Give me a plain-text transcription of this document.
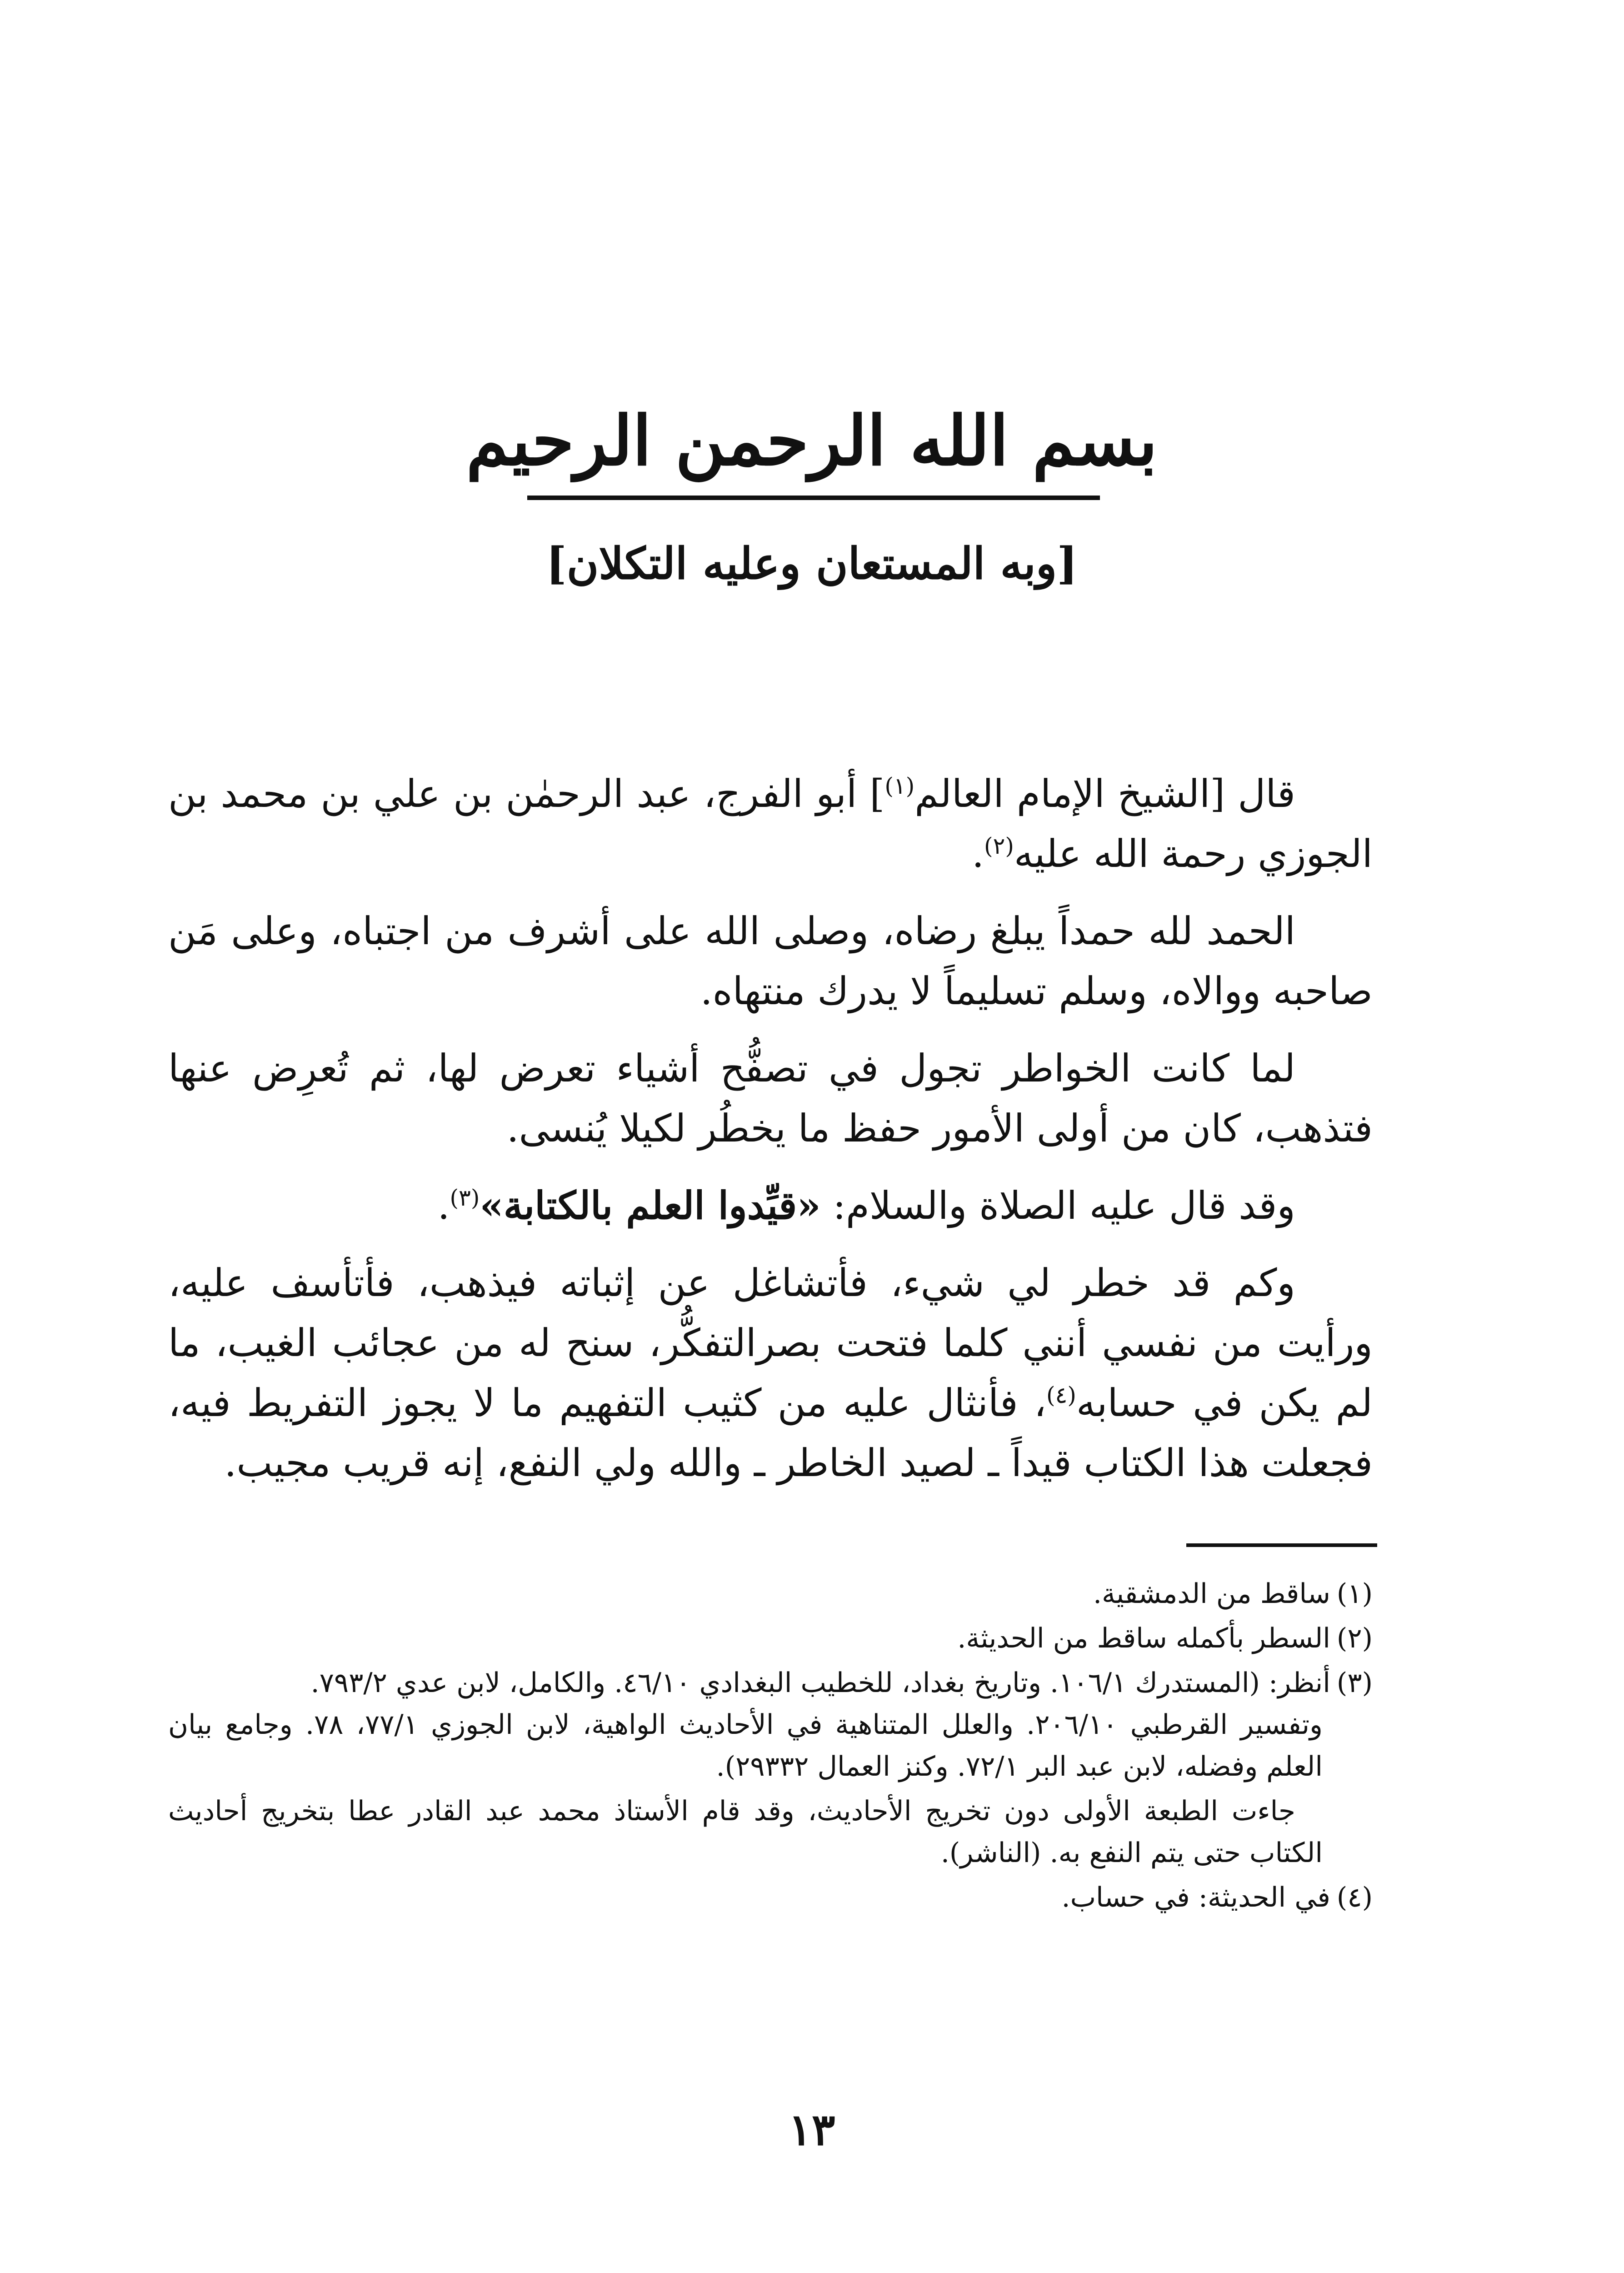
بسم الله الرحمن الرحيم
[وبه المستعان وعليه التكلان]

قال [الشيخ الإمام العالم$^{(١)}$] أبو الفرج، عبد الرحمٰن بن علي بن محمد بن الجوزي رحمة الله عليه$^{(٢)}$.

الحمد لله حمداً يبلغ رضاه، وصلى الله على أشرف من اجتباه، وعلى مَن صاحبه ووالاه، وسلم تسليماً لا يدرك منتهاه.

لما كانت الخواطر تجول في تصفُّح أشياء تعرض لها، ثم تُعرِض عنها فتذهب، كان من أولى الأمور حفظ ما يخطُر لكيلا يُنسى.

وقد قال عليه الصلاة والسلام: «قيِّدوا العلم بالكتابة»$^{(٣)}$.

وكم قد خطر لي شيء، فأتشاغل عن إثباته فيذهب، فأتأسف عليه، ورأيت من نفسي أنني كلما فتحت بصرالتفكُّر، سنح له من عجائب الغيب، ما لم يكن في حسابه$^{(٤)}$، فأنثال عليه من كثيب التفهيم ما لا يجوز التفريط فيه، فجعلت هذا الكتاب قيداً ـ لصيد الخاطر ـ والله ولي النفع، إنه قريب مجيب.

(١)ساقط من الدمشقية.
(٢)السطر بأكمله ساقط من الحديثة.
(٣)أنظر: (المستدرك ١٠٦/١. وتاريخ بغداد، للخطيب البغدادي ٤٦/١٠. والكامل، لابن عدي ٧٩٣/٢.
وتفسير القرطبي ٢٠٦/١٠. والعلل المتناهية في الأحاديث الواهية، لابن الجوزي ٧٧/١، ٧٨. وجامع بيان العلم وفضله، لابن عبد البر ٧٢/١. وكنز العمال ٢٩٣٣٢).
جاءت الطبعة الأولى دون تخريج الأحاديث، وقد قام الأستاذ محمد عبد القادر عطا بتخريج أحاديث الكتاب حتى يتم النفع به. (الناشر).
(٤)في الحديثة: في حساب.
١٣
